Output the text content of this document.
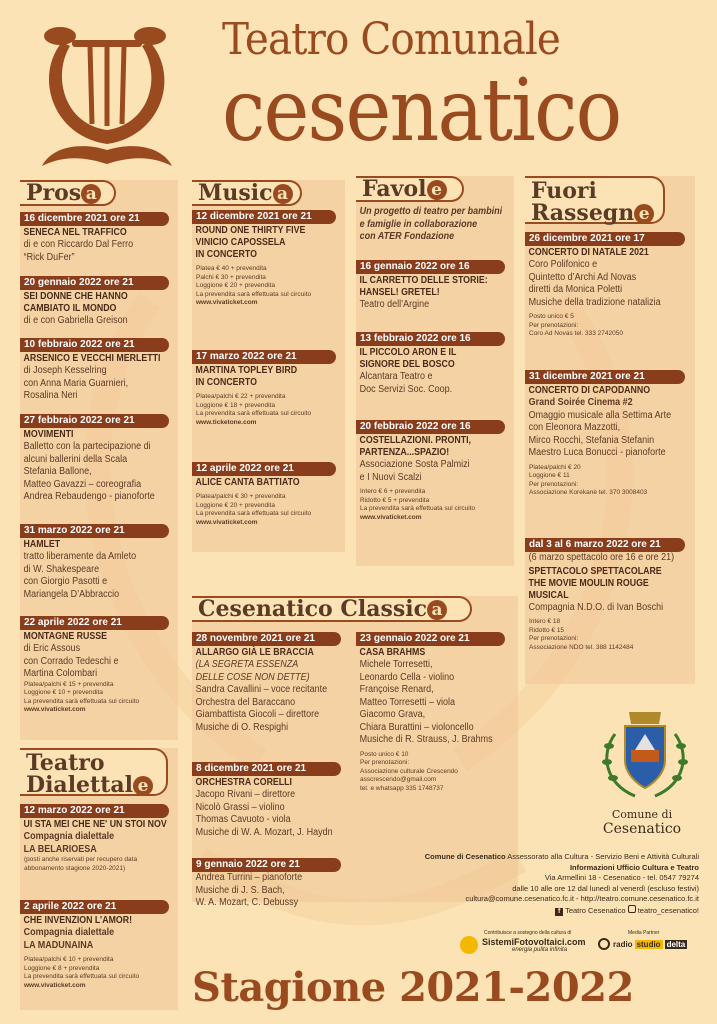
Teatro Comunale
cesenatico
Pros a
16 dicembre 2021 ore 21
SENECA NEL TRAFFICO
di e con Riccardo Dal Ferro
“Rick DuFer”
20 gennaio 2022 ore 21
SEI DONNE CHE HANNO
CAMBIATO IL MONDO
di e con Gabriella Greison
10 febbraio 2022 ore 21
ARSENICO E VECCHI MERLETTI
di Joseph Kesselring
con Anna Maria Guarnieri,
Rosalina Neri
27 febbraio 2022 ore 21
MOVIMENTI
Balletto con la partecipazione di
alcuni ballerini della Scala
Stefania Ballone,
Matteo Gavazzi – coreografia
Andrea Rebaudengo - pianoforte
31 marzo 2022 ore 21
HAMLET
tratto liberamente da Amleto
di W. Shakespeare
con Giorgio Pasotti e
Mariangela D’Abbraccio
22 aprile 2022 ore 21
MONTAGNE RUSSE
di Eric Assous
con Corrado Tedeschi e
Martina Colombari
Platea/palchi € 15 + prevendita
Loggione € 10 + prevendita
La prevendita sarà effettuata sul circuito
www.vivaticket.com
Music a
12 dicembre 2021 ore 21
ROUND ONE THIRTY FIVE
VINICIO CAPOSSELA
IN CONCERTO
Platea € 40 + prevendita
Palchi € 30 + prevendita
Loggione € 20 + prevendita
La prevendita sarà effettuata sul circuito
www.vivaticket.com
17 marzo 2022 ore 21
MARTINA TOPLEY BIRD
IN CONCERTO
Platea/palchi € 22 + prevendita
Loggione € 18 + prevendita
La prevendita sarà effettuata sul circuito
www.ticketone.com
12 aprile 2022 ore 21
ALICE CANTA BATTIATO
Platea/palchi € 30 + prevendita
Loggione € 20 + prevendita
La prevendita sarà effettuata sul circuito
www.vivaticket.com
Favol e
Un progetto di teatro per bambini
e famiglie in collaborazione
con ATER Fondazione
16 gennaio 2022 ore 16
IL CARRETTO DELLE STORIE:
HANSEL! GRETEL!
Teatro dell’Argine
13 febbraio 2022 ore 16
IL PICCOLO ARON E IL
SIGNORE DEL BOSCO
Alcantara Teatro e
Doc Servizi Soc. Coop.
20 febbraio 2022 ore 16
COSTELLAZIONI. PRONTI,
PARTENZA...SPAZIO!
Associazione Sosta Palmizi
e I Nuovi Scalzi
Intero € 6 + prevendita
Ridotto € 5 + prevendita
La prevendita sarà effettuata sul circuito
www.vivaticket.com
Fuori
Rassegn e
26 dicembre 2021 ore 17
CONCERTO DI NATALE 2021
Coro Polifonico e
Quintetto d’Archi Ad Novas
diretti da Monica Poletti
Musiche della tradizione natalizia
Posto unico € 5
Per prenotazioni:
Coro Ad Novas tel. 333 2742050
31 dicembre 2021 ore 21
CONCERTO DI CAPODANNO
Grand Soirée Cinema #2
Omaggio musicale alla Settima Arte
con Eleonora Mazzotti,
Mirco Rocchi, Stefania Stefanin
Maestro Luca Bonucci - pianoforte
Platea/palchi € 20
Loggione € 11
Per prenotazioni:
Associazione Korekanè tel. 370 3008403
dal 3 al 6 marzo 2022 ore 21
(6 marzo spettacolo ore 16 e ore 21)
SPETTACOLO SPETTACOLARE
THE MOVIE MOULIN ROUGE
MUSICAL
Compagnia N.D.O. di Ivan Boschi
Intero € 18
Ridotto € 15
Per prenotazioni:
Associazione NDO tel. 388 1142484
Cesenatico Classic a
28 novembre 2021 ore 21
ALLARGO GIÀ LE BRACCIA
(LA SEGRETA ESSENZA
DELLE COSE NON DETTE)
Sandra Cavallini – voce recitante
Orchestra del Baraccano
Giambattista Giocoli – direttore
Musiche di O. Respighi
8 dicembre 2021 ore 21
ORCHESTRA CORELLI
Jacopo Rivani – direttore
Nicolò Grassi – violino
Thomas Cavuoto - viola
Musiche di W. A. Mozart, J. Haydn
9 gennaio 2022 ore 21
Andrea Turrini – pianoforte
Musiche di J. S. Bach,
W. A. Mozart, C. Debussy
23 gennaio 2022 ore 21
CASA BRAHMS
Michele Torresetti,
Leonardo Cella - violino
Françoise Renard,
Matteo Torresetti – viola
Giacomo Grava,
Chiara Burattini – violoncello
Musiche di R. Strauss, J. Brahms
Posto unico € 10
Per prenotazioni:
Associazione culturale Crescendo
asscrescendo@gmail.com
tel. e whatsapp 335 1748737
Teatro
Dialettal e
12 marzo 2022 ore 21
UI STA MEI CHE NE' UN STOI NOV
Compagnia dialettale
LA BELARIOESA
(posti anche riservati per recupero data
abbonamento stagione 2020-2021)
2 aprile 2022 ore 21
CHE INVENZION L’AMOR!
Compagnia dialettale
LA MADUNAINA
Platea/palchi € 10 + prevendita
Loggione € 8 + prevendita
La prevendita sarà effettuata sul circuito
www.vivaticket.com
Comune di
Cesenatico
Comune di Cesenatico Assessorato alla Cultura - Servizio Beni e Attività Culturali
Informazioni Ufficio Cultura e Teatro
Via Armellini 18 - Cesenatico - tel. 0547 79274
dalle 10 alle ore 12 dal lunedì al venerdì (escluso festivi)
cultura@comune.cesenatico.fc.it - http://teatro.comune.cesenatico.fc.it
f Teatro Cesenatico teatro_cesenatico!
Contribuisce a sostegno della cultura di
SistemiFotovoltaici.com
energia pulita infinita
Media Partner
radio studio delta
Stagione 2021-2022
